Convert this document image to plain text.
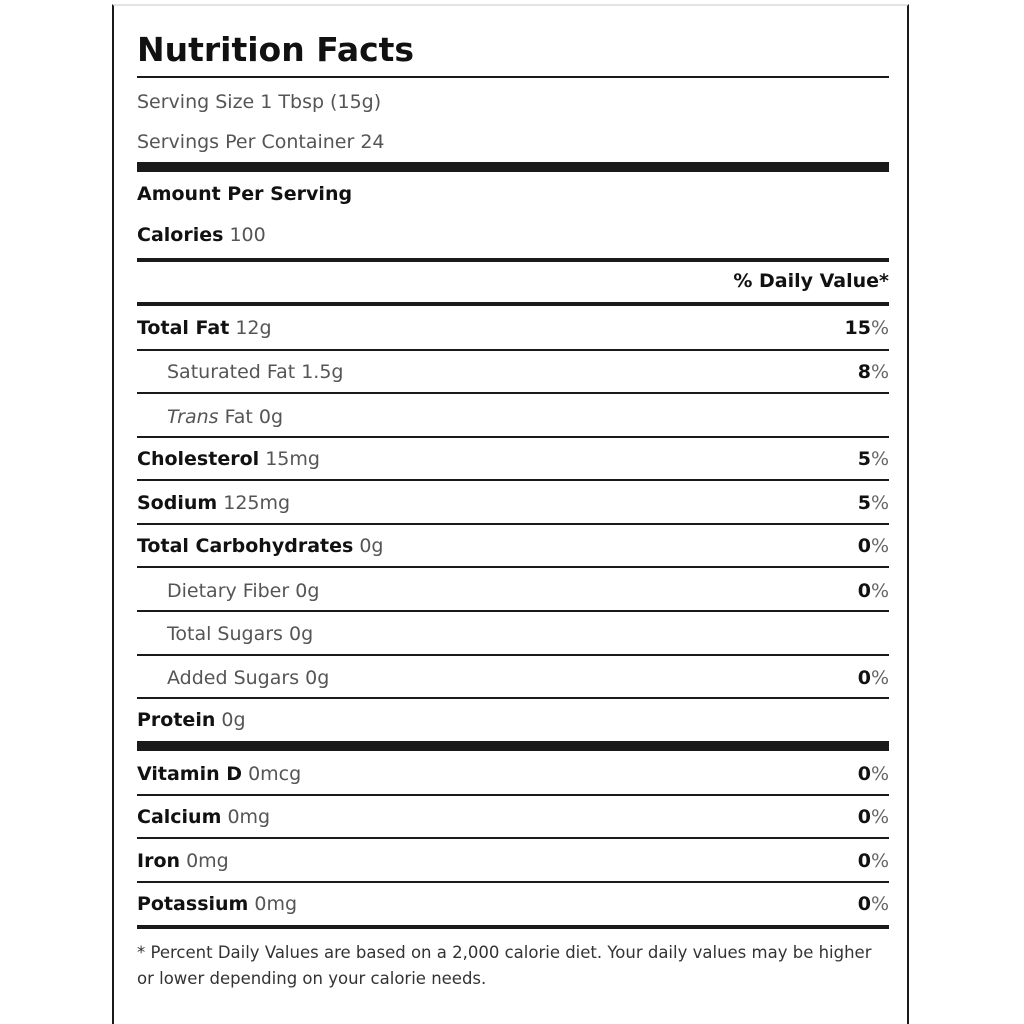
Nutrition Facts
Serving Size 1 Tbsp (15g)
Servings Per Container 24
Amount Per Serving
Calories 100
% Daily Value*
Total Fat 12g	15%
Saturated Fat 1.5g	8%
Trans Fat 0g
Cholesterol 15mg	5%
Sodium 125mg	5%
Total Carbohydrates 0g	0%
Dietary Fiber 0g	0%
Total Sugars 0g
Added Sugars 0g	0%
Protein 0g
Vitamin D 0mcg	0%
Calcium 0mg	0%
Iron 0mg	0%
Potassium 0mg	0%
* Percent Daily Values are based on a 2,000 calorie diet. Your daily values may be higher or lower depending on your calorie needs.
